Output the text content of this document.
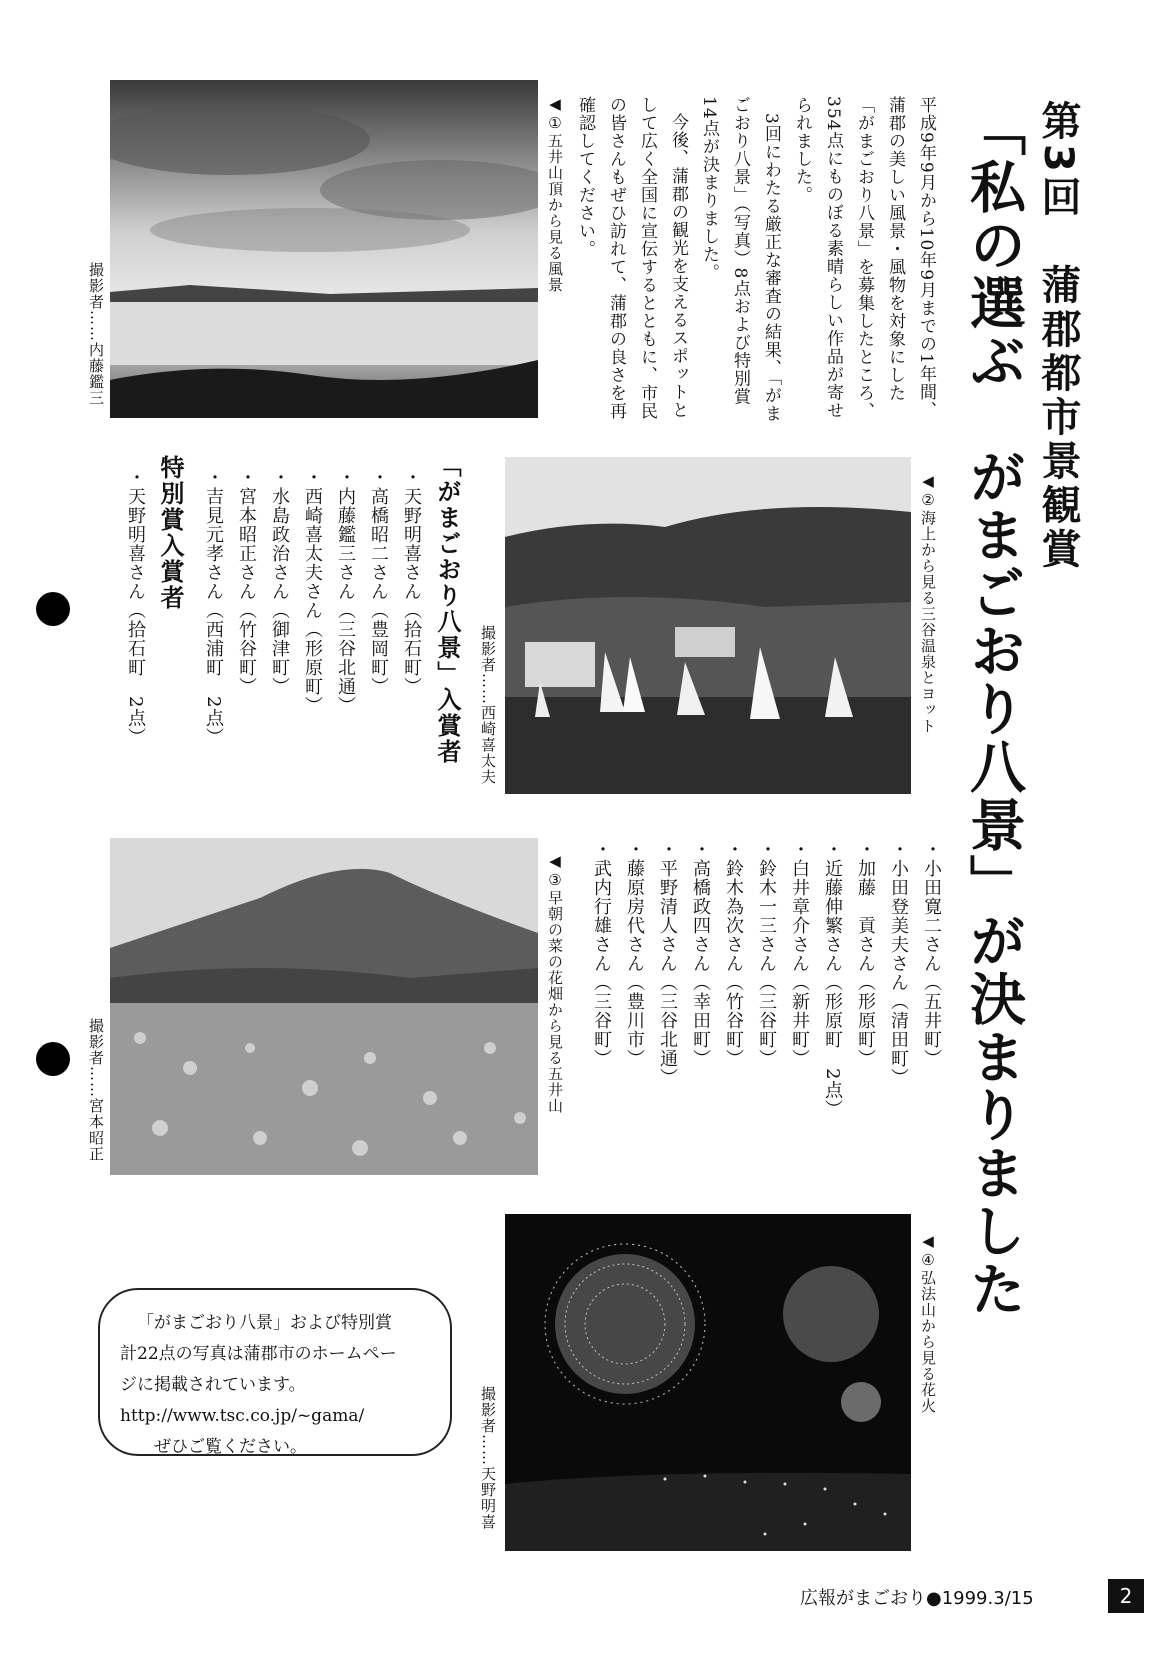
第3回　蒲郡都市景観賞
「私の選ぶ　がまごおり八景」が決まりました

平成9年9月から10年9月までの1年間、蒲郡の美しい風景・風物を対象にした「がまごおり八景」を募集したところ、354点にものぼる素晴らしい作品が寄せられました。

3回にわたる厳正な審査の結果、「がまごおり八景」（写真）8点および特別賞14点が決まりました。

今後、蒲郡の観光を支えるスポットとして広く全国に宣伝するとともに、市民の皆さんもぜひ訪れて、蒲郡の良さを再確認してください。

◀①五井山頂から見る風景
撮影者……内藤鑑三
◀②海上から見る三谷温泉とヨット
撮影者……西崎喜太夫
◀③早朝の菜の花畑から見る五井山
撮影者……宮本昭正
◀④弘法山から見る花火
撮影者……天野明喜
「がまごおり八景」入賞者
・天野明喜さん（拾石町）
・高橋昭二さん（豊岡町）
・内藤鑑三さん（三谷北通）
・西崎喜太夫さん（形原町）
・水島政治さん（御津町）
・宮本昭正さん（竹谷町）
・吉見元孝さん（西浦町　2点）
特別賞入賞者
・天野明喜さん（拾石町　2点）
・小田寛二さん（五井町）
・小田登美夫さん（清田町）
・加藤　貢さん（形原町）
・近藤伸繁さん（形原町　2点）
・白井章介さん（新井町）
・鈴木一三さん（三谷町）
・鈴木為次さん（竹谷町）
・高橋政四さん（幸田町）
・平野清人さん（三谷北通）
・藤原房代さん（豊川市）
・武内行雄さん（三谷町）

「がまごおり八景」および特別賞

計22点の写真は蒲郡市のホームペー

ジに掲載されています。

http://www.tsc.co.jp/~gama/

ぜひご覧ください。

広報がまごおり●1999.3/15	2
